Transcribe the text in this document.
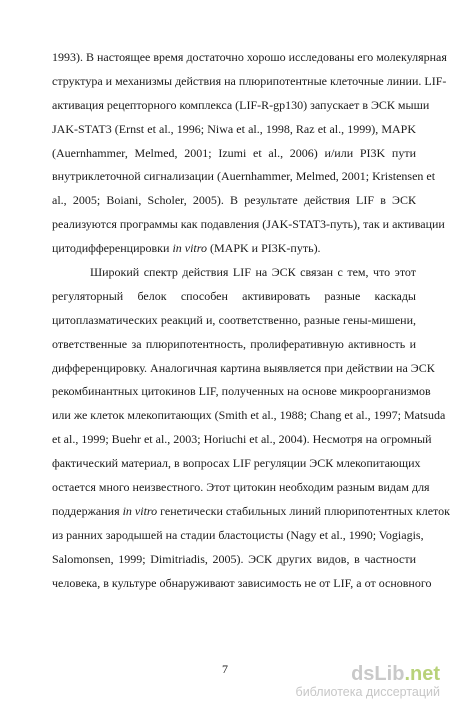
1993). В настоящее время достаточно хорошо исследованы его молекулярная
структура и механизмы действия на плюрипотентные клеточные линии. LIF-
активация рецепторного комплекса (LIF-R-gp130) запускает в ЭСК мыши
JAK-STAT3 (Ernst et al., 1996; Niwa et al., 1998, Raz et al., 1999), MAPK
(Auernhammer, Melmed, 2001; Izumi et al., 2006) и/или PI3K пути
внутриклеточной сигнализации (Auernhammer, Melmed, 2001; Kristensen et
al., 2005; Boiani, Scholer, 2005). В результате действия LIF в ЭСК
реализуются программы как подавления (JAK-STAT3-путь), так и активации
цитодифференцировки in vitro (MAPK и PI3K-путь).
Широкий спектр действия LIF на ЭСК связан с тем, что этот
регуляторный белок способен активировать разные каскады
цитоплазматических реакций и, соответственно, разные гены-мишени,
ответственные за плюрипотентность, пролиферативную активность и
дифференцировку. Аналогичная картина выявляется при действии на ЭСК
рекомбинантных цитокинов LIF, полученных на основе микроорганизмов
или же клеток млекопитающих (Smith et al., 1988; Chang et al., 1997; Matsuda
et al., 1999; Buehr et al., 2003; Horiuchi et al., 2004). Несмотря на огромный
фактический материал, в вопросах LIF регуляции ЭСК млекопитающих
остается много неизвестного. Этот цитокин необходим разным видам для
поддержания in vitro генетически стабильных линий плюрипотентных клеток
из ранних зародышей на стадии бластоцисты (Nagy et al., 1990; Vogiagis,
Salomonsen, 1999; Dimitriadis, 2005). ЭСК других видов, в частности
человека, в культуре обнаруживают зависимость не от LIF, а от основного
7	dsLib.net
библиотека диссертаций
